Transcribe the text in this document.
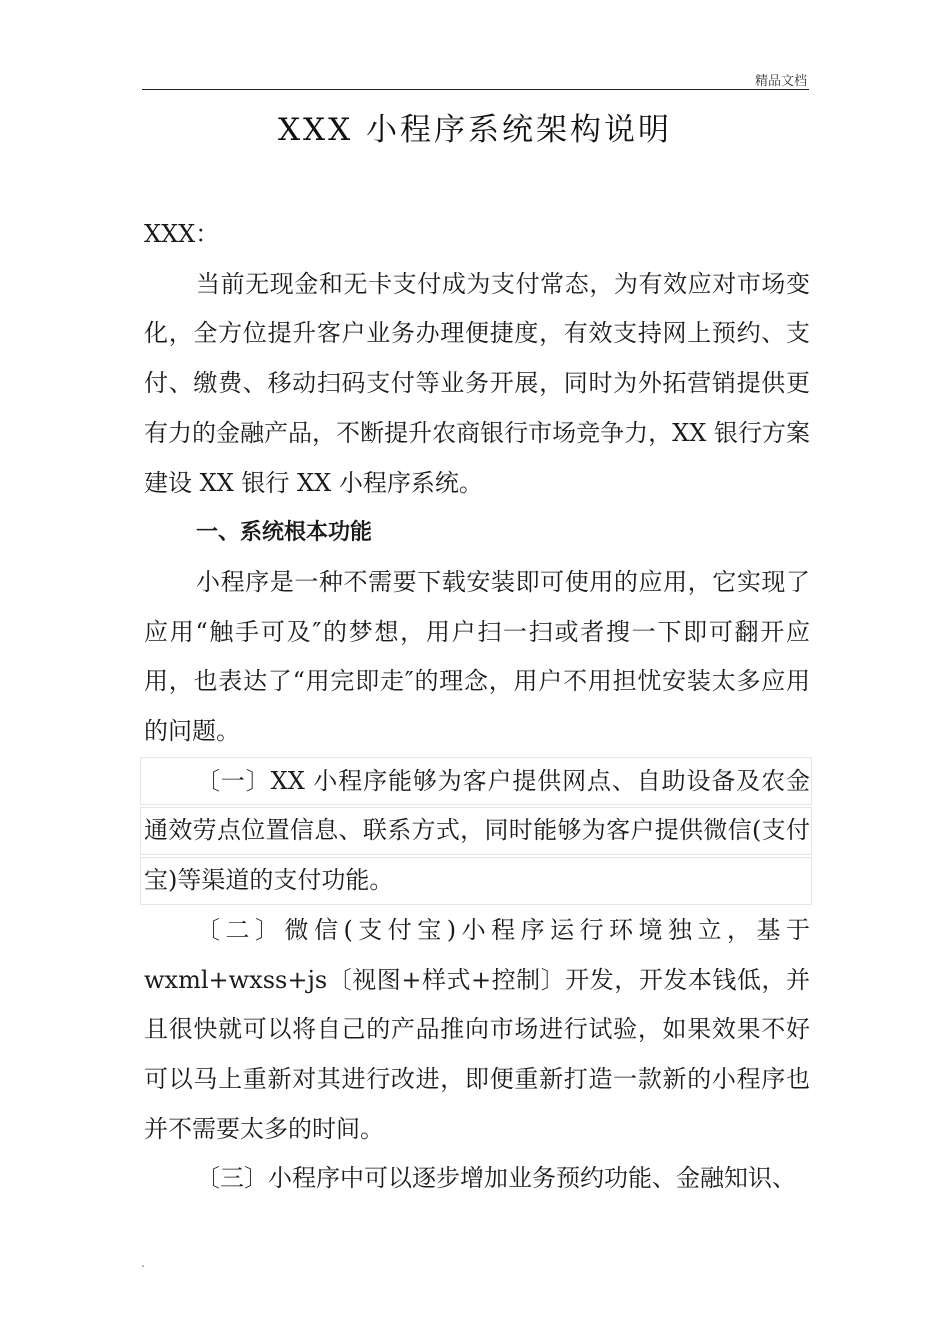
精品文档
XXX 小程序系统架构说明

XXX：

当前无现金和无卡支付成为支付常态，为有效应对市场变化，全方位提升客户业务办理便捷度，有效支持网上预约、支付、缴费、移动扫码支付等业务开展，同时为外拓营销提供更有力的金融产品，不断提升农商银行市场竞争力，XX 银行方案建设 XX 银行 XX 小程序系统。

一、系统根本功能

小程序是一种不需要下载安装即可使用的应用，它实现了应用“触手可及″的梦想，用户扫一扫或者搜一下即可翻开应用，也表达了“用完即走″的理念，用户不用担忧安装太多应用的问题。

〔一〕XX 小程序能够为客户提供网点、自助设备及农金通效劳点位置信息、联系方式，同时能够为客户提供微信(支付宝)等渠道的支付功能。

〔二〕微信(支付宝)小程序运行环境独立，基于 wxml+wxss+js〔视图+样式+控制〕开发，开发本钱低，并且很快就可以将自己的产品推向市场进行试验，如果效果不好可以马上重新对其进行改进，即便重新打造一款新的小程序也并不需要太多的时间。

〔三〕小程序中可以逐步增加业务预约功能、金融知识、

.
